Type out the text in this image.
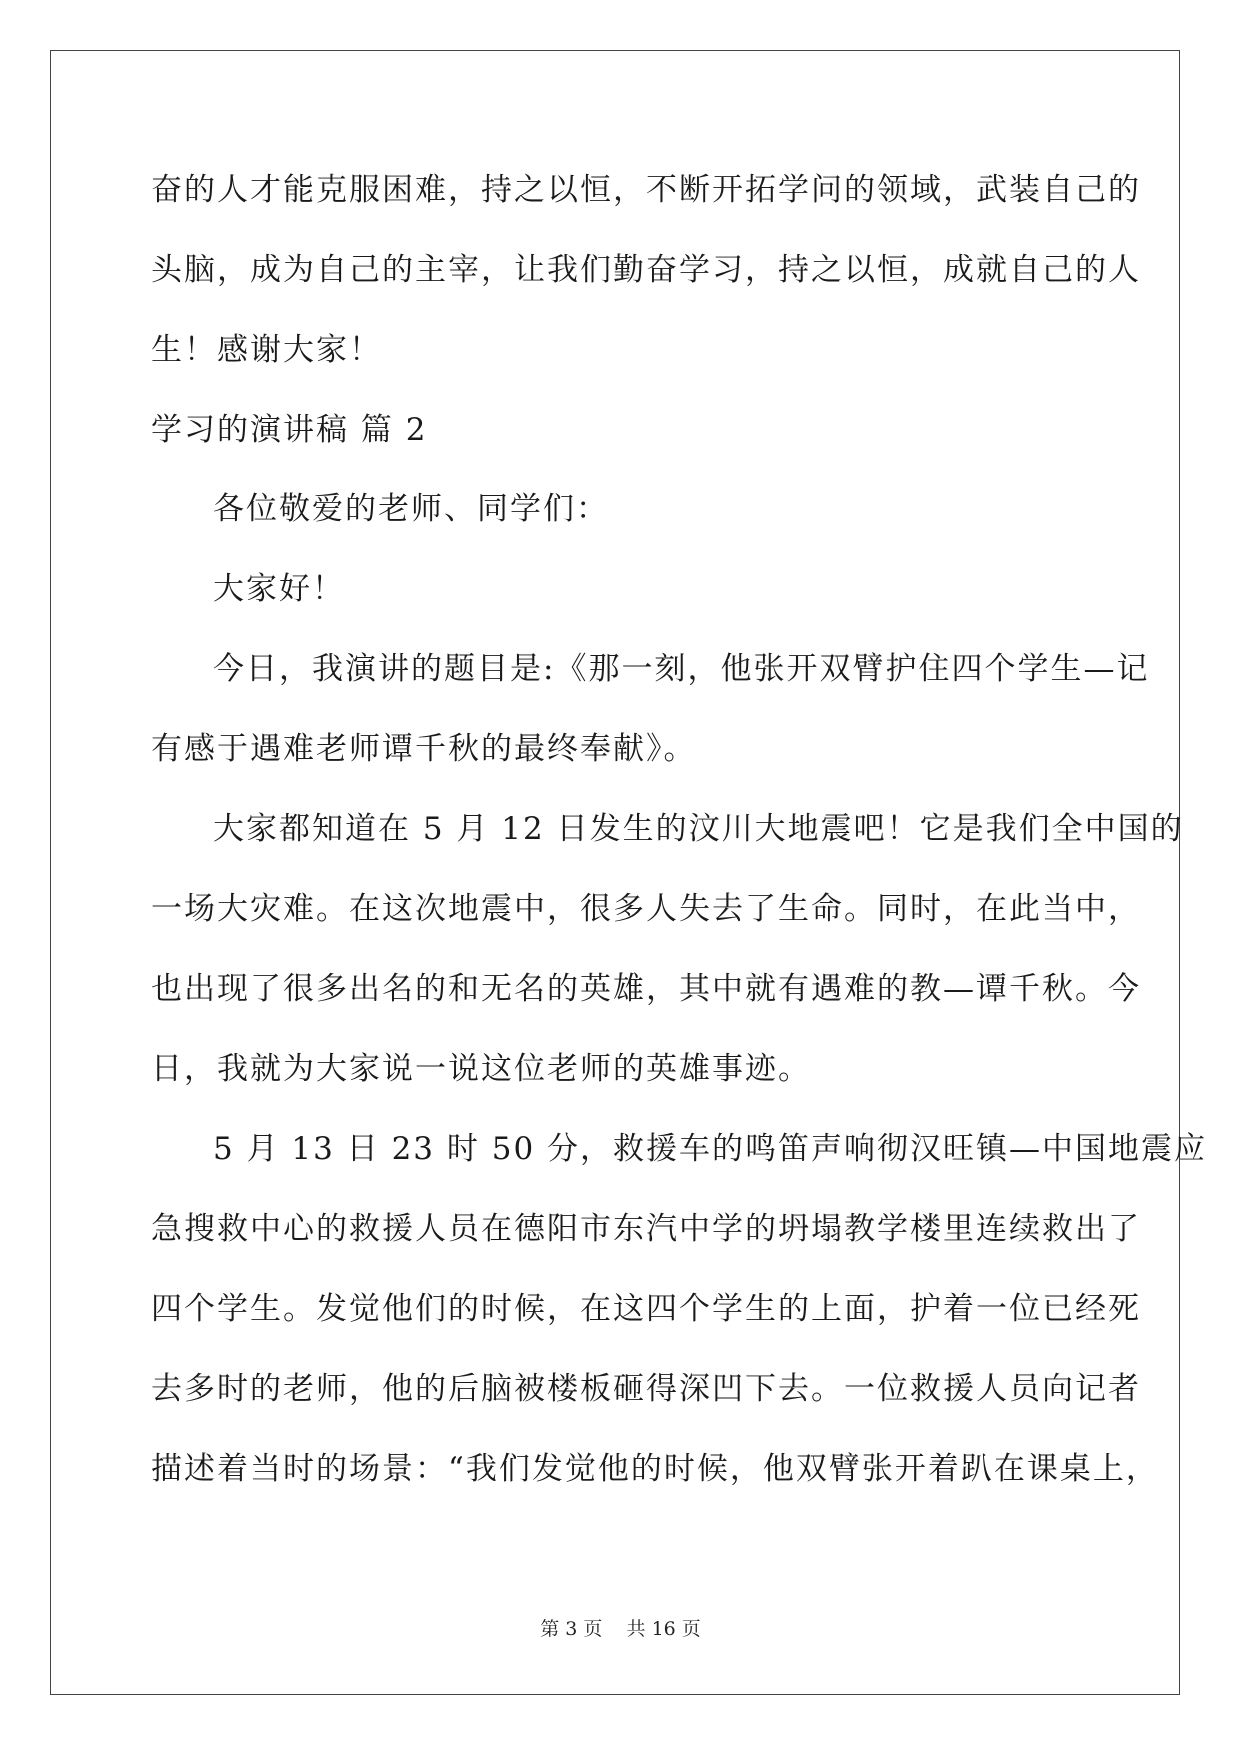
奋的人才能克服困难，持之以恒，不断开拓学问的领域，武装自己的
头脑，成为自己的主宰，让我们勤奋学习，持之以恒，成就自己的人
生！感谢大家！
学习的演讲稿 篇 2
各位敬爱的老师、同学们：
大家好！
今日，我演讲的题目是:《那一刻，他张开双臂护住四个学生—记
有感于遇难老师谭千秋的最终奉献》。
大家都知道在 5 月 12 日发生的汶川大地震吧！它是我们全中国的
一场大灾难。在这次地震中，很多人失去了生命。同时，在此当中，
也出现了很多出名的和无名的英雄，其中就有遇难的教—谭千秋。今
日，我就为大家说一说这位老师的英雄事迹。
5 月 13 日 23 时 50 分，救援车的鸣笛声响彻汉旺镇—中国地震应
急搜救中心的救援人员在德阳市东汽中学的坍塌教学楼里连续救出了
四个学生。发觉他们的时候，在这四个学生的上面，护着一位已经死
去多时的老师，他的后脑被楼板砸得深凹下去。一位救援人员向记者
描述着当时的场景：“我们发觉他的时候，他双臂张开着趴在课桌上，
第 3 页    共 16 页
